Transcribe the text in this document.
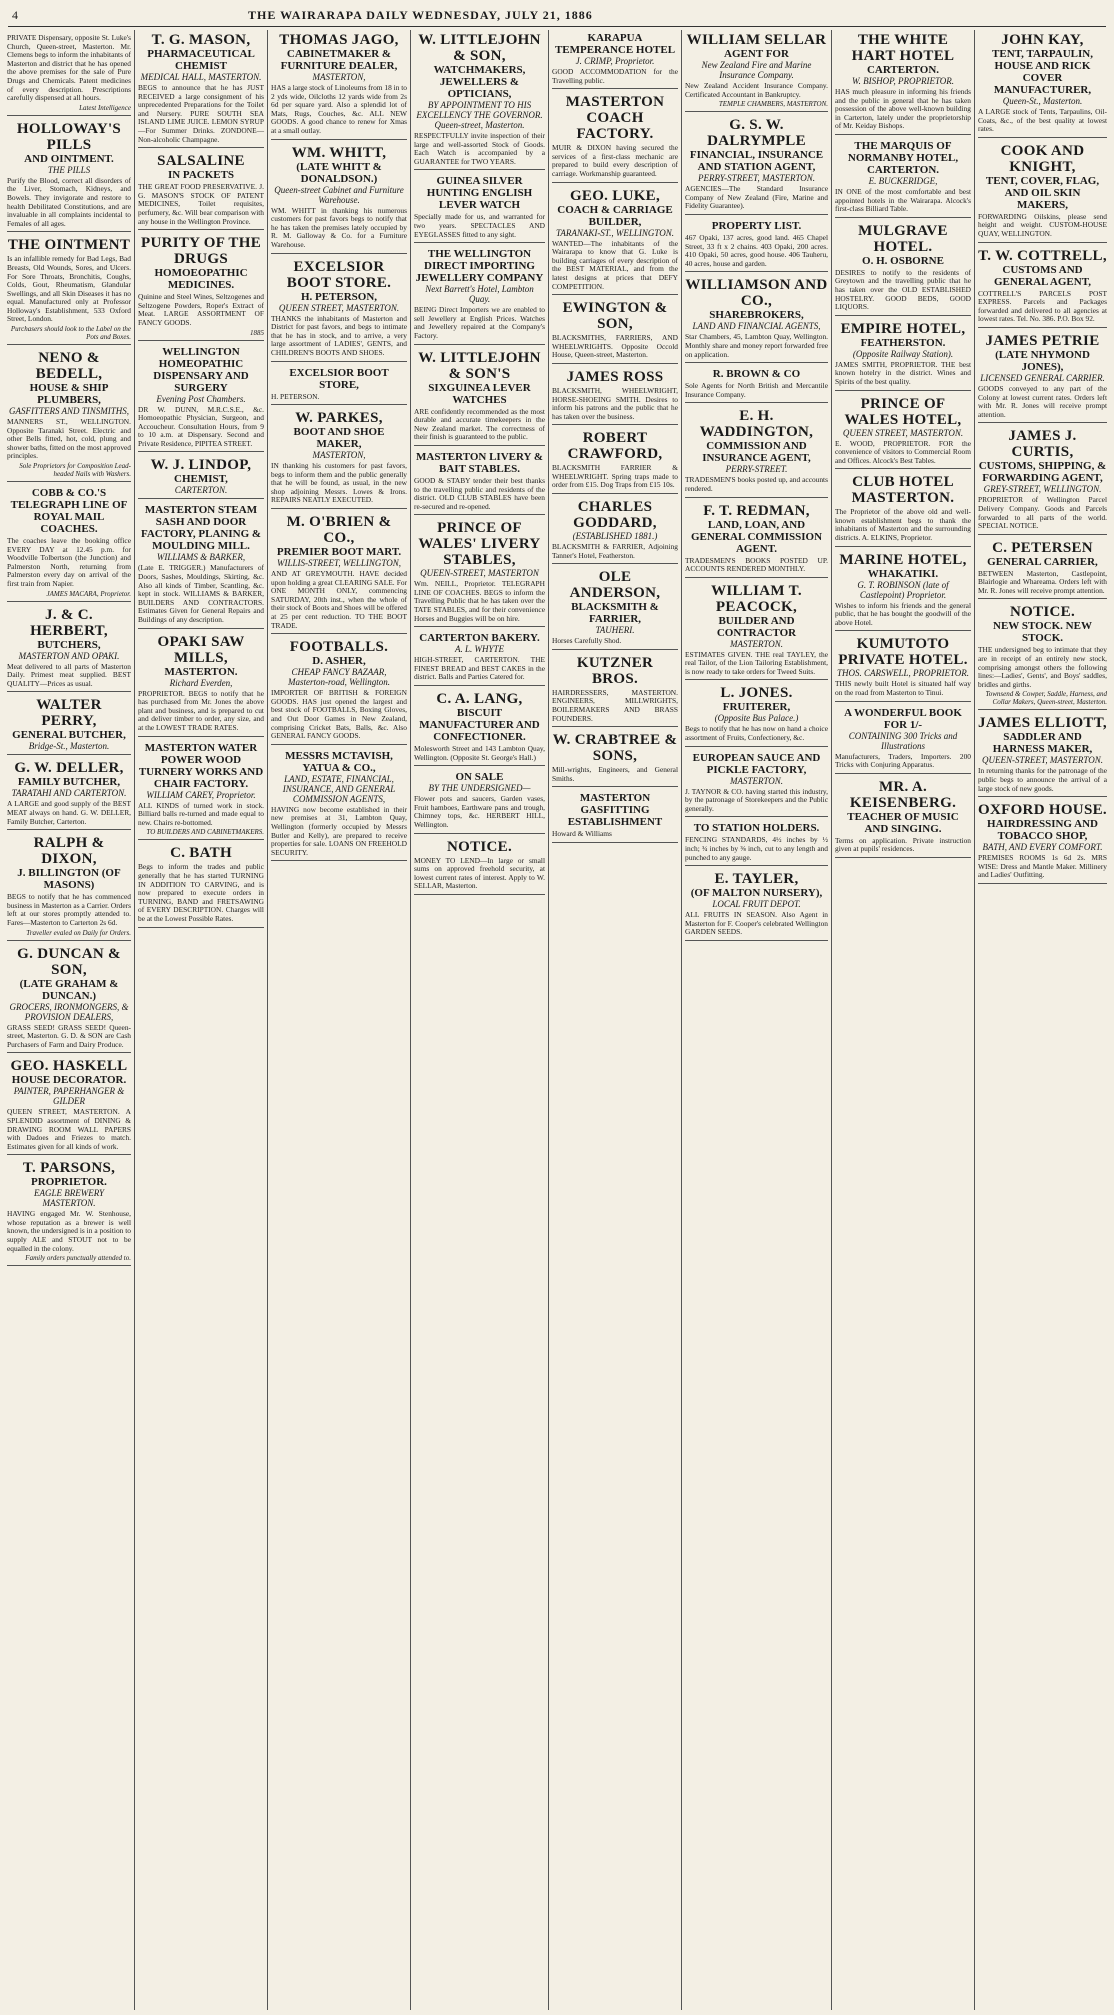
4	THE WAIRARAPA DAILY WEDNESDAY, JULY 21, 1886
PRIVATE Dispensary, opposite St. Luke's Church, Queen-street, Masterton. Mr. Clemens begs to inform the inhabitants of Masterton and district that he has opened the above premises for the sale of Pure Drugs and Chemicals. Patent medicines of every description. Prescriptions carefully dispensed at all hours.
Latest Intelligence
HOLLOWAY'S PILLS
AND OINTMENT.
THE PILLS
Purify the Blood, correct all disorders of the Liver, Stomach, Kidneys, and Bowels. They invigorate and restore to health Debilitated Constitutions, and are invaluable in all complaints incidental to Females of all ages.
THE OINTMENT
Is an infallible remedy for Bad Legs, Bad Breasts, Old Wounds, Sores, and Ulcers. For Sore Throats, Bronchitis, Coughs, Colds, Gout, Rheumatism, Glandular Swellings, and all Skin Diseases it has no equal. Manufactured only at Professor Holloway's Establishment, 533 Oxford Street, London.
Purchasers should look to the Label on the Pots and Boxes.
NENO & BEDELL,
HOUSE & SHIP PLUMBERS,
GASFITTERS AND TINSMITHS,
MANNERS ST., WELLINGTON. Opposite Taranaki Street. Electric and other Bells fitted, hot, cold, plung and shower baths, fitted on the most approved principles.
Sole Proprietors for Composition Lead-headed Nails with Washers.
COBB & CO.'S TELEGRAPH LINE OF ROYAL MAIL COACHES.
The coaches leave the booking office EVERY DAY at 12.45 p.m. for Woodville Tolbertson (the Junction) and Palmerston North, returning from Palmerston every day on arrival of the first train from Napier.
JAMES MACARA, Proprietor.
J. & C. HERBERT,
BUTCHERS,
MASTERTON AND OPAKI.
Meat delivered to all parts of Masterton Daily. Primest meat supplied. BEST QUALITY—Prices as usual.
WALTER PERRY,
GENERAL BUTCHER,
Bridge-St., Masterton.
G. W. DELLER,
FAMILY BUTCHER,
TARATAHI AND CARTERTON.
A LARGE and good supply of the BEST MEAT always on hand. G. W. DELLER, Family Butcher, Carterton.
RALPH & DIXON,
J. BILLINGTON (OF MASONS)
BEGS to notify that he has commenced business in Masterton as a Carrier. Orders left at our stores promptly attended to. Fares—Masterton to Carterton 2s 6d.
Traveller evaled on Daily for Orders.
G. DUNCAN & SON,
(LATE GRAHAM & DUNCAN.)
GROCERS, IRONMONGERS, & PROVISION DEALERS,
GRASS SEED! GRASS SEED! Queen-street, Masterton. G. D. & SON are Cash Purchasers of Farm and Dairy Produce.
GEO. HASKELL
HOUSE DECORATOR.
PAINTER, PAPERHANGER & GILDER
QUEEN STREET, MASTERTON. A SPLENDID assortment of DINING & DRAWING ROOM WALL PAPERS with Dadoes and Friezes to match. Estimates given for all kinds of work.
T. PARSONS,
PROPRIETOR.
EAGLE BREWERY MASTERTON.
HAVING engaged Mr. W. Stenhouse, whose reputation as a brewer is well known, the undersigned is in a position to supply ALE and STOUT not to be equalled in the colony.
Family orders punctually attended to.
T. G. MASON,
PHARMACEUTICAL CHEMIST
MEDICAL HALL, MASTERTON.
BEGS to announce that he has JUST RECEIVED a large consignment of his unprecedented Preparations for the Toilet and Nursery. PURE SOUTH SEA ISLAND LIME JUICE. LEMON SYRUP—For Summer Drinks. ZONDONE—Non-alcoholic Champagne.
SALSALINE
IN PACKETS
THE GREAT FOOD PRESERVATIVE. J. G. MASON'S STOCK OF PATENT MEDICINES, Toilet requisites, perfumery, &c. Will bear comparison with any house in the Wellington Province.
PURITY OF THE DRUGS
HOMOEOPATHIC MEDICINES.
Quinine and Steel Wines, Seltzogenes and Seltzogene Powders, Roper's Extract of Meat. LARGE ASSORTMENT OF FANCY GOODS.
1885
WELLINGTON HOMEOPATHIC DISPENSARY AND SURGERY
Evening Post Chambers.
DR W. DUNN, M.R.C.S.E., &c. Homoeopathic Physician, Surgeon, and Accoucheur. Consultation Hours, from 9 to 10 a.m. at Dispensary. Second and Private Residence, PIPITEA STREET.
W. J. LINDOP,
CHEMIST,
CARTERTON.
MASTERTON STEAM SASH AND DOOR FACTORY, PLANING & MOULDING MILL.
WILLIAMS & BARKER,
(Late E. TRIGGER.) Manufacturers of Doors, Sashes, Mouldings, Skirting, &c. Also all kinds of Timber, Scantling, &c. kept in stock. WILLIAMS & BARKER, BUILDERS AND CONTRACTORS. Estimates Given for General Repairs and Buildings of any description.
OPAKI SAW MILLS,
MASTERTON.
Richard Everden,
PROPRIETOR. BEGS to notify that he has purchased from Mr. Jones the above plant and business, and is prepared to cut and deliver timber to order, any size, and at the LOWEST TRADE RATES.
MASTERTON WATER POWER WOOD TURNERY WORKS AND CHAIR FACTORY.
WILLIAM CAREY, Proprietor.
ALL KINDS of turned work in stock. Billiard balls re-turned and made equal to new. Chairs re-bottomed.
TO BUILDERS AND CABINETMAKERS.
C. BATH
Begs to inform the trades and public generally that he has started TURNING IN ADDITION TO CARVING, and is now prepared to execute orders in TURNING, BAND and FRETSAWING of EVERY DESCRIPTION. Charges will be at the Lowest Possible Rates.
THOMAS JAGO,
CABINETMAKER & FURNITURE DEALER,
MASTERTON,
HAS a large stock of Linoleums from 18 in to 2 yds wide, Oilcloths 12 yards wide from 2s 6d per square yard. Also a splendid lot of Mats, Rugs, Couches, &c. ALL NEW GOODS. A good chance to renew for Xmas at a small outlay.
WM. WHITT,
(LATE WHITT & DONALDSON.)
Queen-street Cabinet and Furniture Warehouse.
WM. WHITT in thanking his numerous customers for past favors begs to notify that he has taken the premises lately occupied by R. M. Galloway & Co. for a Furniture Warehouse.
EXCELSIOR BOOT STORE.
H. PETERSON,
QUEEN STREET, MASTERTON.
THANKS the inhabitants of Masterton and District for past favors, and begs to intimate that he has in stock, and to arrive, a very large assortment of LADIES', GENTS, and CHILDREN'S BOOTS AND SHOES.
EXCELSIOR BOOT STORE,
H. PETERSON.
W. PARKES,
BOOT AND SHOE MAKER,
MASTERTON,
IN thanking his customers for past favors, begs to inform them and the public generally that he will be found, as usual, in the new shop adjoining Messrs. Lowes & Irons. REPAIRS NEATLY EXECUTED.
M. O'BRIEN & CO.,
PREMIER BOOT MART.
WILLIS-STREET, WELLINGTON,
AND AT GREYMOUTH. HAVE decided upon holding a great CLEARING SALE. For ONE MONTH ONLY, commencing SATURDAY, 20th inst., when the whole of their stock of Boots and Shoes will be offered at 25 per cent reduction. TO THE BOOT TRADE.
FOOTBALLS.
D. ASHER,
CHEAP FANCY BAZAAR, Masterton-road, Wellington.
IMPORTER OF BRITISH & FOREIGN GOODS. HAS just opened the largest and best stock of FOOTBALLS, Boxing Gloves, and Out Door Games in New Zealand, comprising Cricket Bats, Balls, &c. Also GENERAL FANCY GOODS.
MESSRS MCTAVISH, YATUA & CO.,
LAND, ESTATE, FINANCIAL, INSURANCE, AND GENERAL COMMISSION AGENTS,
HAVING now become established in their new premises at 31, Lambton Quay, Wellington (formerly occupied by Messrs Butler and Kelly), are prepared to receive properties for sale. LOANS ON FREEHOLD SECURITY.
W. LITTLEJOHN & SON,
WATCHMAKERS, JEWELLERS & OPTICIANS,
BY APPOINTMENT TO HIS EXCELLENCY THE GOVERNOR. Queen-street, Masterton.
RESPECTFULLY invite inspection of their large and well-assorted Stock of Goods. Each Watch is accompanied by a GUARANTEE for TWO YEARS.
GUINEA SILVER HUNTING ENGLISH LEVER WATCH
Specially made for us, and warranted for two years. SPECTACLES AND EYEGLASSES fitted to any sight.
THE WELLINGTON DIRECT IMPORTING JEWELLERY COMPANY
Next Barrett's Hotel, Lambton Quay.
BEING Direct Importers we are enabled to sell Jewellery at English Prices. Watches and Jewellery repaired at the Company's Factory.
W. LITTLEJOHN & SON'S
SIXGUINEA LEVER WATCHES
ARE confidently recommended as the most durable and accurate timekeepers in the New Zealand market. The correctness of their finish is guaranteed to the public.
MASTERTON LIVERY & BAIT STABLES.
GOOD & STABY tender their best thanks to the travelling public and residents of the district. OLD CLUB STABLES have been re-secured and re-opened.
PRINCE OF WALES' LIVERY STABLES,
QUEEN-STREET, MASTERTON
Wm. NEILL, Proprietor. TELEGRAPH LINE OF COACHES. BEGS to inform the Travelling Public that he has taken over the TATE STABLES, and for their convenience Horses and Buggies will be on hire.
CARTERTON BAKERY.
A. L. WHYTE
HIGH-STREET, CARTERTON. THE FINEST BREAD and BEST CAKES in the district. Balls and Parties Catered for.
C. A. LANG,
BISCUIT MANUFACTURER AND CONFECTIONER.
Molesworth Street and 143 Lambton Quay, Wellington. (Opposite St. George's Hall.)
ON SALE
BY THE UNDERSIGNED—
Flower pots and saucers, Garden vases, Fruit hamboes, Earthware pans and trough, Chimney tops, &c. HERBERT HILL, Wellington.
NOTICE.
MONEY TO LEND—In large or small sums on approved freehold security, at lowest current rates of interest. Apply to W. SELLAR, Masterton.
KARAPUA TEMPERANCE HOTEL
J. CRIMP, Proprietor.
GOOD ACCOMMODATION for the Travelling public.
MASTERTON COACH FACTORY.
MUIR & DIXON having secured the services of a first-class mechanic are prepared to build every description of carriage. Workmanship guaranteed.
GEO. LUKE,
COACH & CARRIAGE BUILDER,
TARANAKI-ST., WELLINGTON.
WANTED—The inhabitants of the Wairarapa to know that G. Luke is building carriages of every description of the BEST MATERIAL, and from the latest designs at prices that DEFY COMPETITION.
EWINGTON & SON,
BLACKSMITHS, FARRIERS, AND WHEELWRIGHTS. Opposite Occold House, Queen-street, Masterton.
JAMES ROSS
BLACKSMITH, WHEELWRIGHT, HORSE-SHOEING SMITH. Desires to inform his patrons and the public that he has taken over the business.
ROBERT CRAWFORD,
BLACKSMITH FARRIER & WHEELWRIGHT. Spring traps made to order from £15. Dog Traps from £15 10s.
CHARLES GODDARD,
(ESTABLISHED 1881.)
BLACKSMITH & FARRIER, Adjoining Tanner's Hotel, Featherston.
OLE ANDERSON,
BLACKSMITH & FARRIER,
TAUHERI.
Horses Carefully Shod.
KUTZNER BROS.
HAIRDRESSERS, MASTERTON. ENGINEERS, MILLWRIGHTS, BOILERMAKERS AND BRASS FOUNDERS.
W. CRABTREE & SONS,
Mill-wrights, Engineers, and General Smiths.
MASTERTON GASFITTING ESTABLISHMENT
Howard & Williams
WILLIAM SELLAR
AGENT FOR
New Zealand Fire and Marine Insurance Company.
New Zealand Accident Insurance Company. Certificated Accountant in Bankruptcy.
TEMPLE CHAMBERS, MASTERTON.
G. S. W. DALRYMPLE
FINANCIAL, INSURANCE AND STATION AGENT,
PERRY-STREET, MASTERTON.
AGENCIES—The Standard Insurance Company of New Zealand (Fire, Marine and Fidelity Guarantee).
PROPERTY LIST.
467 Opaki, 137 acres, good land. 465 Chapel Street, 33 ft x 2 chains. 403 Opaki, 200 acres. 410 Opaki, 50 acres, good house. 406 Tauheru, 40 acres, house and garden.
WILLIAMSON AND CO.,
SHAREBROKERS,
LAND AND FINANCIAL AGENTS,
Star Chambers, 45, Lambton Quay, Wellington. Monthly share and money report forwarded free on application.
R. BROWN & CO
Sole Agents for North British and Mercantile Insurance Company.
E. H. WADDINGTON,
COMMISSION AND INSURANCE AGENT,
PERRY-STREET.
TRADESMEN'S books posted up, and accounts rendered.
F. T. REDMAN,
LAND, LOAN, AND GENERAL COMMISSION AGENT.
TRADESMEN'S BOOKS POSTED UP. ACCOUNTS RENDERED MONTHLY.
WILLIAM T. PEACOCK,
BUILDER AND CONTRACTOR
MASTERTON.
ESTIMATES GIVEN. THE real TAYLEY, the real Tailor, of the Lion Tailoring Establishment, is now ready to take orders for Tweed Suits.
L. JONES.
FRUITERER,
(Opposite Bus Palace.)
Begs to notify that he has now on hand a choice assortment of Fruits, Confectionery, &c.
EUROPEAN SAUCE AND PICKLE FACTORY,
MASTERTON.
J. TAYNOR & CO. having started this industry, by the patronage of Storekeepers and the Public generally.
TO STATION HOLDERS.
FENCING STANDARDS, 4½ inches by ½ inch; ¾ inches by ⅜ inch, cut to any length and punched to any gauge.
E. TAYLER,
(OF MALTON NURSERY),
LOCAL FRUIT DEPOT.
ALL FRUITS IN SEASON. Also Agent in Masterton for F. Cooper's celebrated Wellington GARDEN SEEDS.
THE WHITE HART HOTEL
CARTERTON.
W. BISHOP, PROPRIETOR.
HAS much pleasure in informing his friends and the public in general that he has taken possession of the above well-known building in Carterton, lately under the proprietorship of Mr. Keiday Bishops.
THE MARQUIS OF NORMANBY HOTEL, CARTERTON.
E. BUCKERIDGE,
IN ONE of the most comfortable and best appointed hotels in the Wairarapa. Alcock's first-class Billiard Table.
MULGRAVE HOTEL.
O. H. OSBORNE
DESIRES to notify to the residents of Greytown and the travelling public that he has taken over the OLD ESTABLISHED HOSTELRY. GOOD BEDS, GOOD LIQUORS.
EMPIRE HOTEL,
FEATHERSTON.
(Opposite Railway Station).
JAMES SMITH, PROPRIETOR. THE best known hotelry in the district. Wines and Spirits of the best quality.
PRINCE OF WALES HOTEL,
QUEEN STREET, MASTERTON.
E. WOOD, PROPRIETOR. FOR the convenience of visitors to Commercial Room and Offices. Alcock's Best Tables.
CLUB HOTEL MASTERTON.
The Proprietor of the above old and well-known establishment begs to thank the inhabitants of Masterton and the surrounding districts. A. ELKINS, Proprietor.
MARINE HOTEL,
WHAKATIKI.
G. T. ROBINSON (late of Castlepoint) Proprietor.
Wishes to inform his friends and the general public, that he has bought the goodwill of the above Hotel.
KUMUTOTO PRIVATE HOTEL.
THOS. CARSWELL, PROPRIETOR.
THIS newly built Hotel is situated half way on the road from Masterton to Tinui.
A WONDERFUL BOOK FOR 1/-
CONTAINING 300 Tricks and Illustrations
Manufacturers, Traders, Importers. 200 Tricks with Conjuring Apparatus.
MR. A. KEISENBERG.
TEACHER OF MUSIC AND SINGING.
Terms on application. Private instruction given at pupils' residences.
JOHN KAY,
TENT, TARPAULIN, HOUSE AND RICK COVER MANUFACTURER,
Queen-St., Masterton.
A LARGE stock of Tents, Tarpaulins, Oil-Coats, &c., of the best quality at lowest rates.
COOK AND KNIGHT,
TENT, COVER, FLAG, AND OIL SKIN MAKERS,
FORWARDING Oilskins, please send height and weight. CUSTOM-HOUSE QUAY, WELLINGTON.
T. W. COTTRELL,
CUSTOMS AND GENERAL AGENT,
COTTRELL'S PARCELS POST EXPRESS. Parcels and Packages forwarded and delivered to all agencies at lowest rates. Tel. No. 386. P.O. Box 92.
JAMES PETRIE
(LATE NHYMOND JONES),
LICENSED GENERAL CARRIER.
GOODS conveyed to any part of the Colony at lowest current rates. Orders left with Mr. R. Jones will receive prompt attention.
JAMES J. CURTIS,
CUSTOMS, SHIPPING, & FORWARDING AGENT,
GREY-STREET, WELLINGTON.
PROPRIETOR of Wellington Parcel Delivery Company. Goods and Parcels forwarded to all parts of the world. SPECIAL NOTICE.
C. PETERSEN
GENERAL CARRIER,
BETWEEN Masterton, Castlepoint, Blairlogie and Whareama. Orders left with Mr. R. Jones will receive prompt attention.
NOTICE.
NEW STOCK. NEW STOCK.
THE undersigned beg to intimate that they are in receipt of an entirely new stock, comprising amongst others the following lines:—Ladies', Gents', and Boys' saddles, bridles and girths.
Townsend & Cowper, Saddle, Harness, and Collar Makers, Queen-street, Masterton.
JAMES ELLIOTT,
SADDLER AND HARNESS MAKER,
QUEEN-STREET, MASTERTON.
In returning thanks for the patronage of the public begs to announce the arrival of a large stock of new goods.
OXFORD HOUSE.
HAIRDRESSING AND TOBACCO SHOP,
BATH, AND EVERY COMFORT.
PREMISES ROOMS 1s 6d 2s. MRS WISE: Dress and Mantle Maker. Millinery and Ladies' Outfitting.
